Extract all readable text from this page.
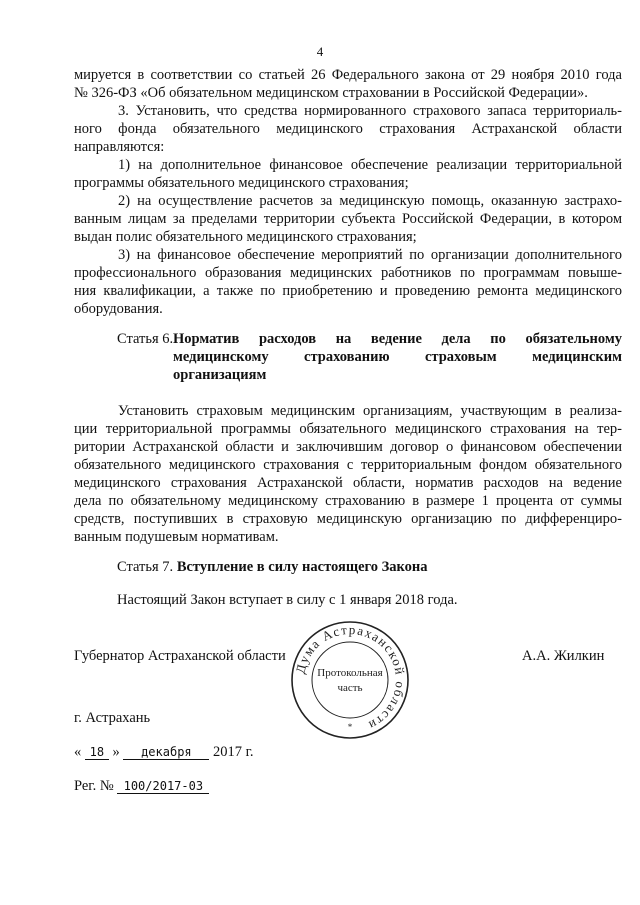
4
мируется в соответствии со статьей 26 Федерального закона от 29 ноября 2010 года
№ 326-ФЗ «Об обязательном медицинском страховании в Российской Федерации».
3. Установить, что средства нормированного страхового запаса территориаль-
ного фонда обязательного медицинского страхования Астраханской области
направляются:
1) на дополнительное финансовое обеспечение реализации территориальной
программы обязательного медицинского страхования;
2) на осуществление расчетов за медицинскую помощь, оказанную застрахо-
ванным лицам за пределами территории субъекта Российской Федерации, в котором
выдан полис обязательного медицинского страхования;
3) на финансовое обеспечение мероприятий по организации дополнительного
профессионального образования медицинских работников по программам повыше-
ния квалификации, а также по приобретению и проведению ремонта медицинского
оборудования.
Статья 6. Норматив расходов на ведение дела по обязательному
медицинскому страхованию страховым медицинским
организациям
Установить страховым медицинским организациям, участвующим в реализа-
ции территориальной программы обязательного медицинского страхования на тер-
ритории Астраханской области и заключившим договор о финансовом обеспечении
обязательного медицинского страхования с территориальным фондом обязательного
медицинского страхования Астраханской области, норматив расходов на ведение
дела по обязательному медицинскому страхованию в размере 1 процента от суммы
средств, поступивших в страховую медицинскую организацию по дифференциро-
ванным подушевым нормативам.
Статья 7. Вступление в силу настоящего Закона
Настоящий Закон вступает в силу с 1 января 2018 года.
Губернатор Астраханской области	А.А. Жилкин
Дума Астраханской области
Протокольная
часть
*
г. Астрахань
« 18 » декабря 2017 г.
Рег. № 100/2017-03
